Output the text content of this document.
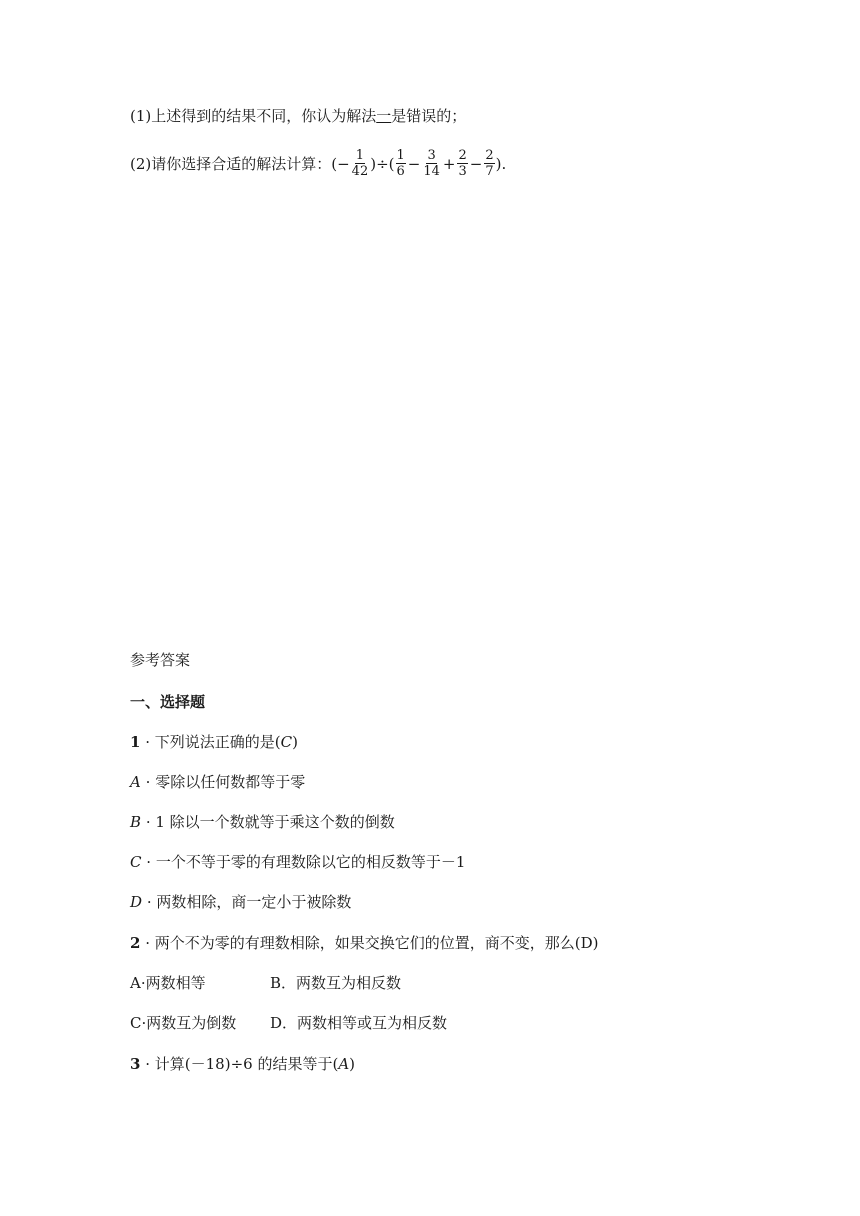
(1)上述得到的结果不同，你认为解法一是错误的；
(2)请你选择合适的解法计算： (− $\frac{1}{42}$ )÷( $\frac{1}{6} - \frac{3}{14} + \frac{2}{3} - \frac{2}{7}$ ).
参考答案
一、选择题
1 · 下列说法正确的是(C)
A · 零除以任何数都等于零
B · 1 除以一个数就等于乘这个数的倒数
C · 一个不等于零的有理数除以它的相反数等于－1
D · 两数相除，商一定小于被除数
2 · 两个不为零的有理数相除，如果交换它们的位置，商不变，那么(D)
A·两数相等	B．两数互为相反数
C·两数互为倒数 D．两数相等或互为相反数
3 · 计算(－18)÷6 的结果等于(A)
